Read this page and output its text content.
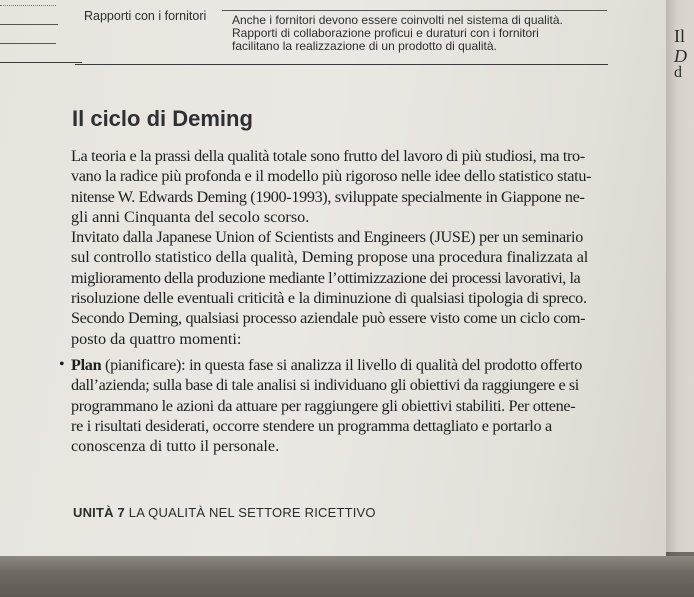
Rapporti con i fornitori	Anche i fornitori devono essere coinvolti nel sistema di qualità.
Rapporti di collaborazione proficui e duraturi con i fornitori
facilitano la realizzazione di un prodotto di qualità.
Il ciclo di Deming
La teoria e la prassi della qualità totale sono frutto del lavoro di più studiosi, ma tro-
vano la radice più profonda e il modello più rigoroso nelle idee dello statistico statu-
nitense W. Edwards Deming (1900-1993), sviluppate specialmente in Giappone ne-
gli anni Cinquanta del secolo scorso.
Invitato dalla Japanese Union of Scientists and Engineers (JUSE) per un seminario
sul controllo statistico della qualità, Deming propose una procedura finalizzata al
miglioramento della produzione mediante l’ottimizzazione dei processi lavorativi, la
risoluzione delle eventuali criticità e la diminuzione di qualsiasi tipologia di spreco.
Secondo Deming, qualsiasi processo aziendale può essere visto come un ciclo com-
posto da quattro momenti:
• Plan (pianificare): in questa fase si analizza il livello di qualità del prodotto offerto
dall’azienda; sulla base di tale analisi si individuano gli obiettivi da raggiungere e si
programmano le azioni da attuare per raggiungere gli obiettivi stabiliti. Per ottene-
re i risultati desiderati, occorre stendere un programma dettagliato e portarlo a
conoscenza di tutto il personale.
UNITÀ 7 LA QUALITÀ NEL SETTORE RICETTIVO
Il
D
d
